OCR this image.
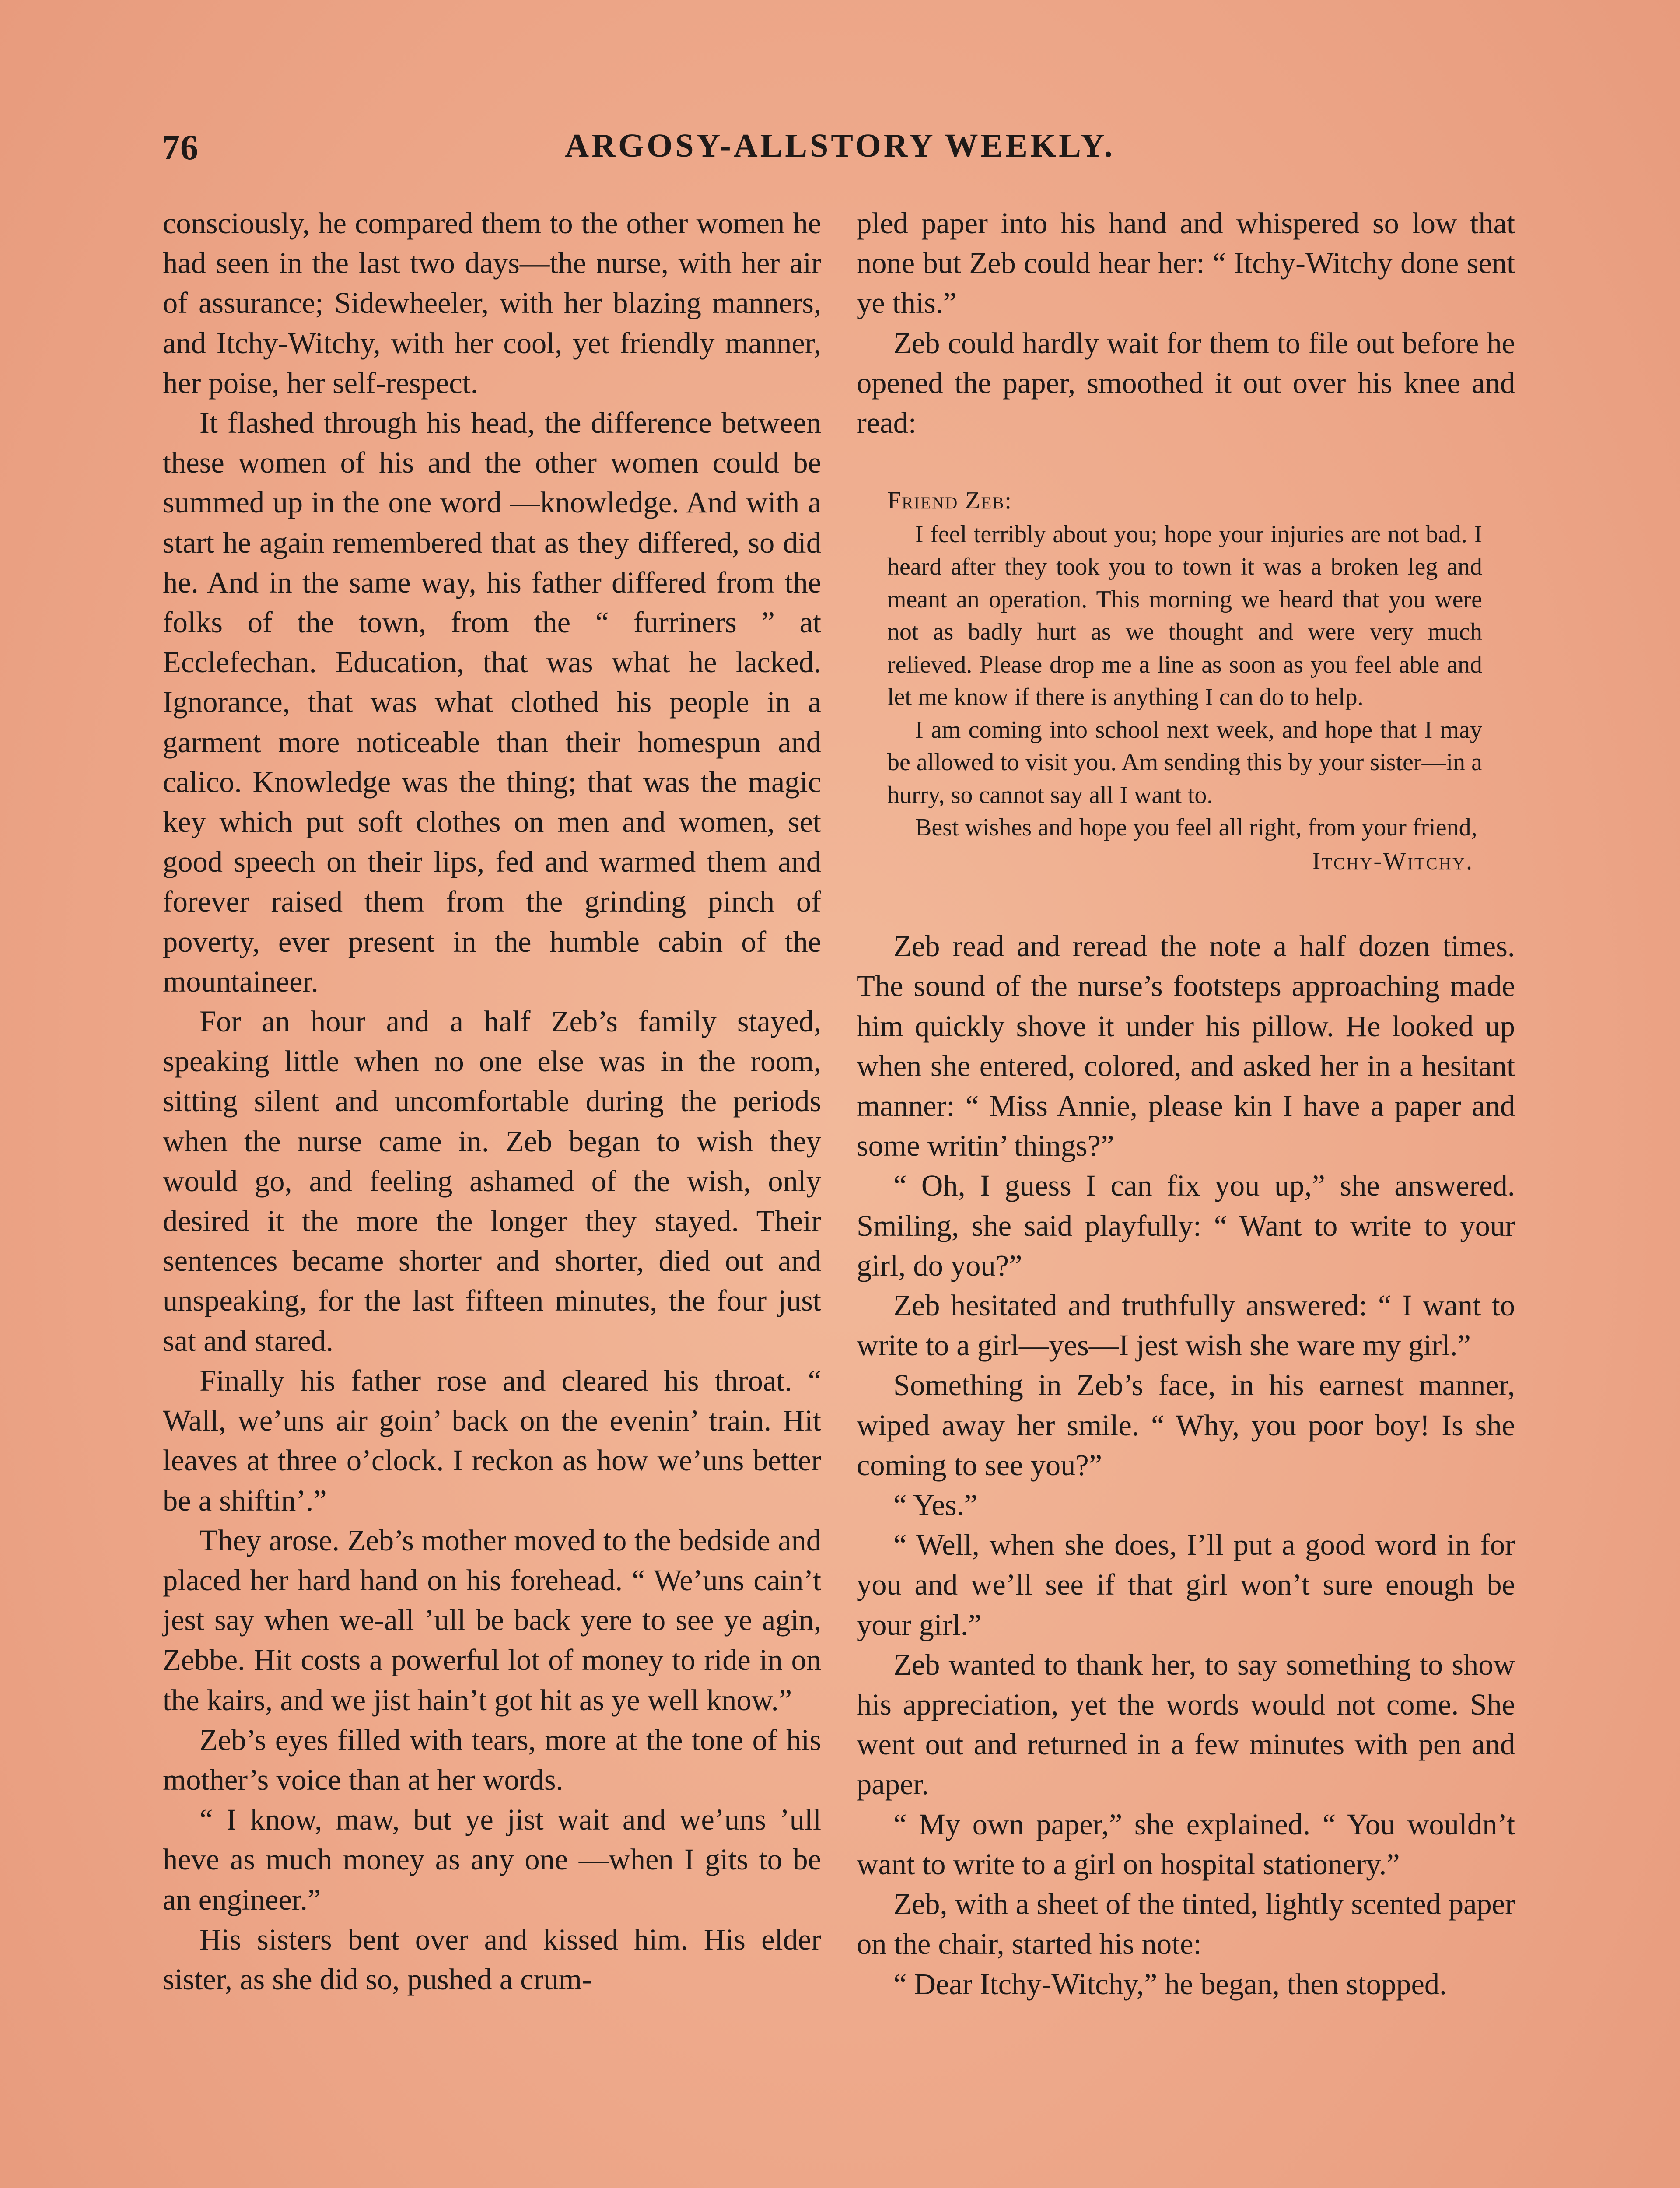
76	ARGOSY-ALLSTORY WEEKLY.

consciously, he compared them to the other women he had seen in the last two days—the nurse, with her air of assurance; Sidewheeler, with her blazing manners, and Itchy-Witchy, with her cool, yet friendly manner, her poise, her self-respect.

It flashed through his head, the difference between these women of his and the other women could be summed up in the one word —knowledge. And with a start he again remembered that as they differed, so did he. And in the same way, his father differed from the folks of the town, from the “ furriners ” at Ecclefechan. Education, that was what he lacked. Ignorance, that was what clothed his people in a garment more noticeable than their homespun and calico. Knowledge was the thing; that was the magic key which put soft clothes on men and women, set good speech on their lips, fed and warmed them and forever raised them from the grinding pinch of poverty, ever present in the humble cabin of the mountaineer.

For an hour and a half Zeb’s family stayed, speaking little when no one else was in the room, sitting silent and uncomfortable during the periods when the nurse came in. Zeb began to wish they would go, and feeling ashamed of the wish, only desired it the more the longer they stayed. Their sentences became shorter and shorter, died out and unspeaking, for the last fifteen minutes, the four just sat and stared.

Finally his father rose and cleared his throat. “ Wall, we’uns air goin’ back on the evenin’ train. Hit leaves at three o’clock. I reckon as how we’uns better be a shiftin’.”

They arose. Zeb’s mother moved to the bedside and placed her hard hand on his forehead. “ We’uns cain’t jest say when we-all ’ull be back yere to see ye agin, Zebbe. Hit costs a powerful lot of money to ride in on the kairs, and we jist hain’t got hit as ye well know.”

Zeb’s eyes filled with tears, more at the tone of his mother’s voice than at her words.

“ I know, maw, but ye jist wait and we’uns ’ull heve as much money as any one —when I gits to be an engineer.”

His sisters bent over and kissed him. His elder sister, as she did so, pushed a crum-

pled paper into his hand and whispered so low that none but Zeb could hear her: “ Itchy-Witchy done sent ye this.”

Zeb could hardly wait for them to file out before he opened the paper, smoothed it out over his knee and read:

Friend Zeb:

I feel terribly about you; hope your injuries are not bad. I heard after they took you to town it was a broken leg and meant an operation. This morning we heard that you were not as badly hurt as we thought and were very much relieved. Please drop me a line as soon as you feel able and let me know if there is anything I can do to help.

I am coming into school next week, and hope that I may be allowed to visit you. Am sending this by your sister—in a hurry, so cannot say all I want to.

Best wishes and hope you feel all right, from your friend,

Itchy-Witchy.

Zeb read and reread the note a half dozen times. The sound of the nurse’s footsteps approaching made him quickly shove it under his pillow. He looked up when she entered, colored, and asked her in a hesitant manner: “ Miss Annie, please kin I have a paper and some writin’ things?”

“ Oh, I guess I can fix you up,” she answered. Smiling, she said playfully: “ Want to write to your girl, do you?”

Zeb hesitated and truthfully answered: “ I want to write to a girl—yes—I jest wish she ware my girl.”

Something in Zeb’s face, in his earnest manner, wiped away her smile. “ Why, you poor boy! Is she coming to see you?”

“ Yes.”

“ Well, when she does, I’ll put a good word in for you and we’ll see if that girl won’t sure enough be your girl.”

Zeb wanted to thank her, to say something to show his appreciation, yet the words would not come. She went out and returned in a few minutes with pen and paper.

“ My own paper,” she explained. “ You wouldn’t want to write to a girl on hospital stationery.”

Zeb, with a sheet of the tinted, lightly scented paper on the chair, started his note:

“ Dear Itchy-Witchy,” he began, then stopped.
